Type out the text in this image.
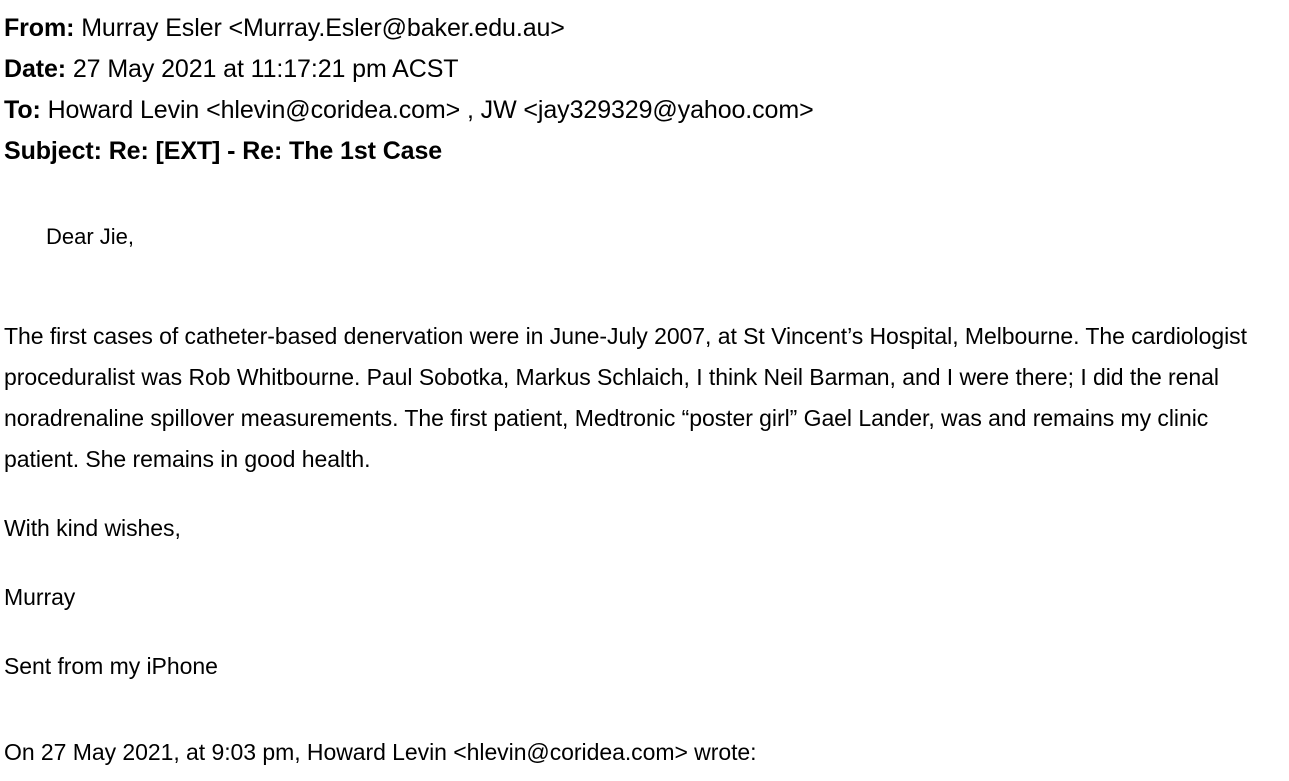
From: Murray Esler <Murray.Esler@baker.edu.au>
Date: 27 May 2021 at 11:17:21 pm ACST
To: Howard Levin <hlevin@coridea.com> , JW <jay329329@yahoo.com>
Subject: Re: [EXT] - Re: The 1st Case
Dear Jie,
The first cases of catheter-based denervation were in June-July 2007, at St Vincent’s Hospital, Melbourne. The cardiologist proceduralist was Rob Whitbourne. Paul Sobotka, Markus Schlaich, I think Neil Barman, and I were there; I did the renal noradrenaline spillover measurements. The first patient, Medtronic “poster girl” Gael Lander, was and remains my clinic patient. She remains in good health.
With kind wishes,
Murray
Sent from my iPhone
On 27 May 2021, at 9:03 pm, Howard Levin <hlevin@coridea.com> wrote:
